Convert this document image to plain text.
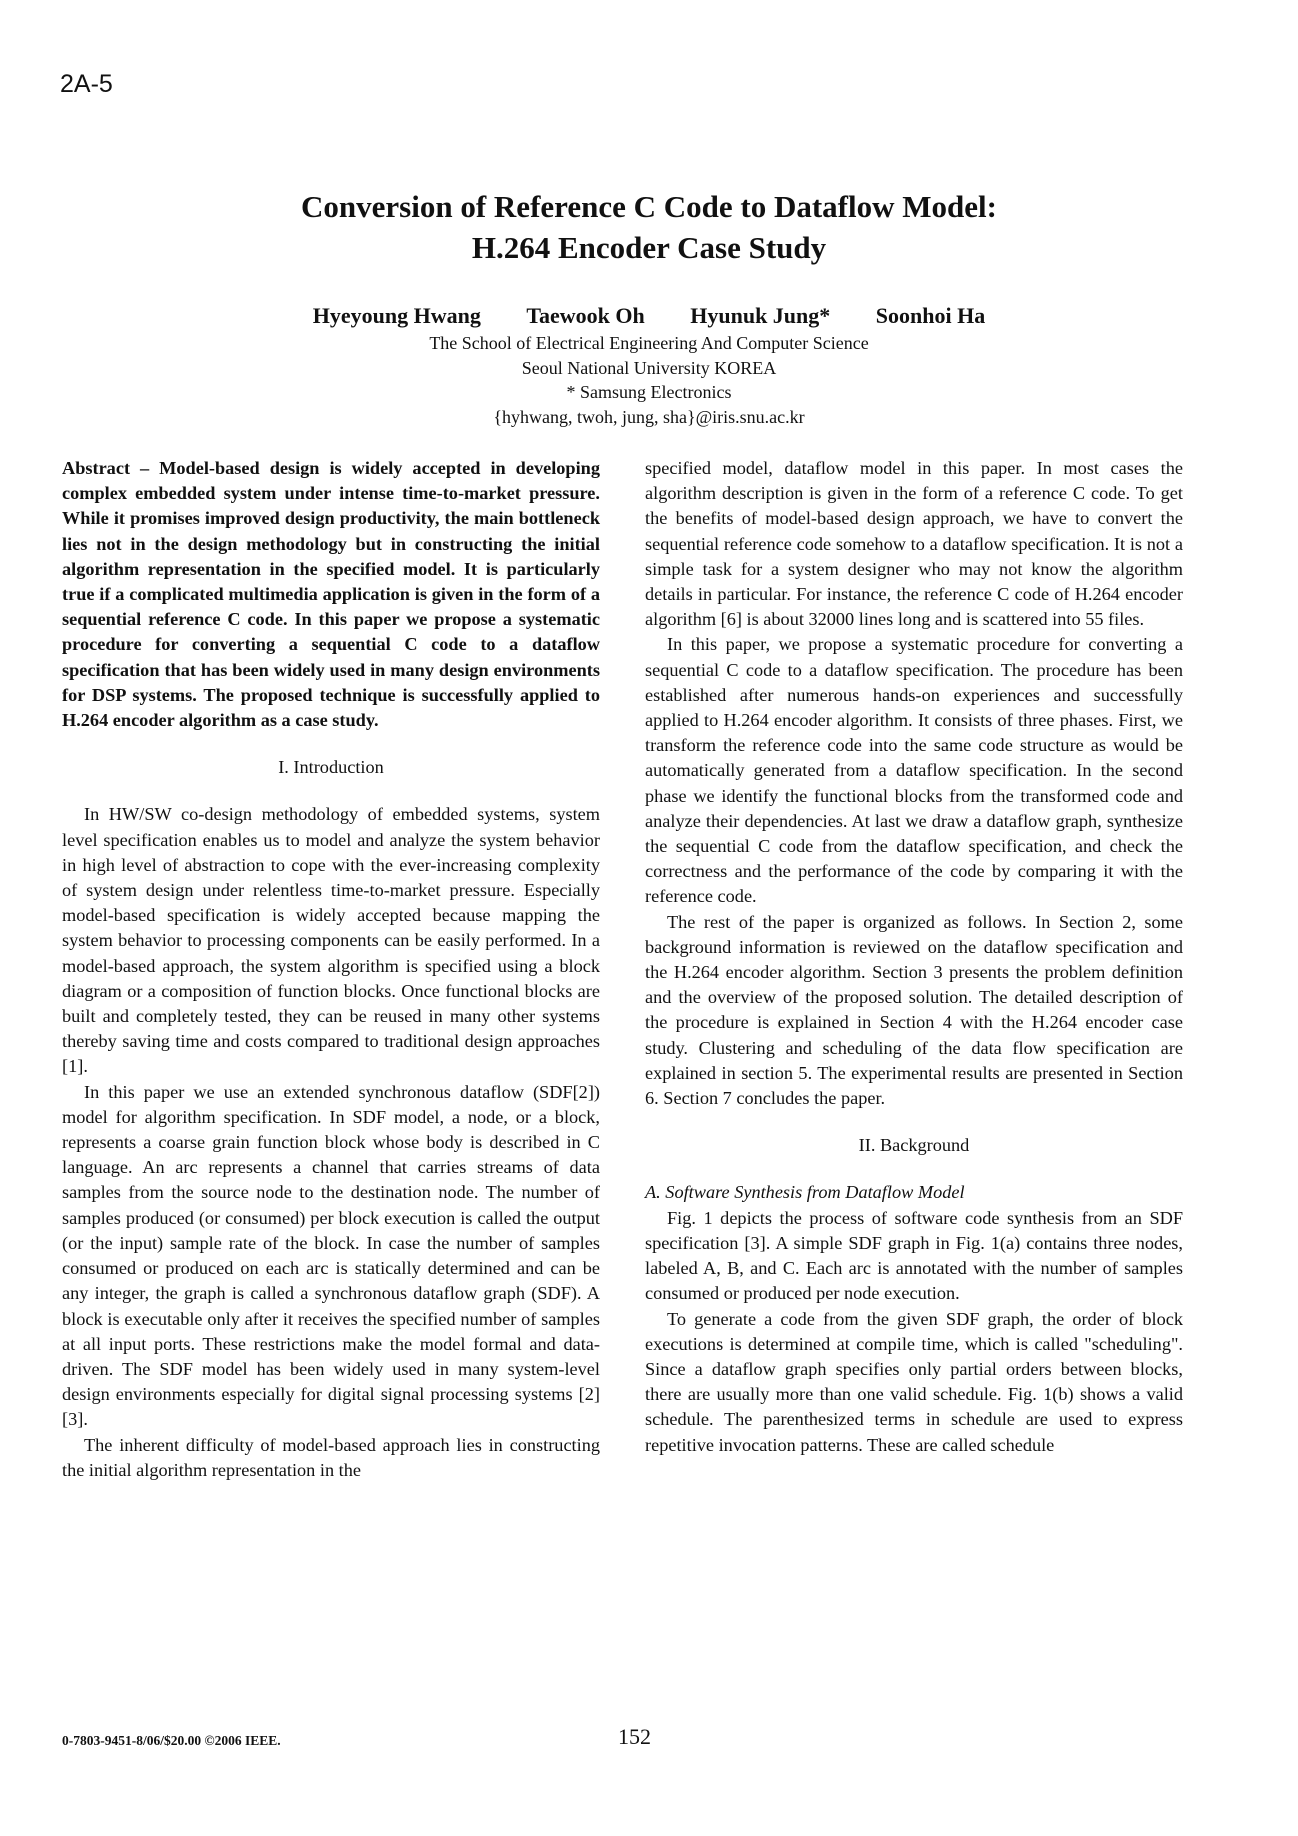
2A-5
Conversion of Reference C Code to Dataflow Model:
H.264 Encoder Case Study
Hyeyoung Hwang Taewook Oh Hyunuk Jung* Soonhoi Ha
The School of Electrical Engineering And Computer Science
Seoul National University KOREA
* Samsung Electronics
{hyhwang, twoh, jung, sha}@iris.snu.ac.kr

Abstract – Model-based design is widely accepted in developing complex embedded system under intense time-to-market pressure. While it promises improved design productivity, the main bottleneck lies not in the design methodology but in constructing the initial algorithm representation in the specified model. It is particularly true if a complicated multimedia application is given in the form of a sequential reference C code. In this paper we propose a systematic procedure for converting a sequential C code to a dataflow specification that has been widely used in many design environments for DSP systems. The proposed technique is successfully applied to H.264 encoder algorithm as a case study.

I. Introduction

In HW/SW co-design methodology of embedded systems, system level specification enables us to model and analyze the system behavior in high level of abstraction to cope with the ever-increasing complexity of system design under relentless time-to-market pressure. Especially model-based specification is widely accepted because mapping the system behavior to processing components can be easily performed. In a model-based approach, the system algorithm is specified using a block diagram or a composition of function blocks. Once functional blocks are built and completely tested, they can be reused in many other systems thereby saving time and costs compared to traditional design approaches [1].

In this paper we use an extended synchronous dataflow (SDF[2]) model for algorithm specification. In SDF model, a node, or a block, represents a coarse grain function block whose body is described in C language. An arc represents a channel that carries streams of data samples from the source node to the destination node. The number of samples produced (or consumed) per block execution is called the output (or the input) sample rate of the block. In case the number of samples consumed or produced on each arc is statically determined and can be any integer, the graph is called a synchronous dataflow graph (SDF). A block is executable only after it receives the specified number of samples at all input ports. These restrictions make the model formal and data-driven. The SDF model has been widely used in many system-level design environments especially for digital signal processing systems [2][3].

The inherent difficulty of model-based approach lies in constructing the initial algorithm representation in the

specified model, dataflow model in this paper. In most cases the algorithm description is given in the form of a reference C code. To get the benefits of model-based design approach, we have to convert the sequential reference code somehow to a dataflow specification. It is not a simple task for a system designer who may not know the algorithm details in particular. For instance, the reference C code of H.264 encoder algorithm [6] is about 32000 lines long and is scattered into 55 files.

In this paper, we propose a systematic procedure for converting a sequential C code to a dataflow specification. The procedure has been established after numerous hands-on experiences and successfully applied to H.264 encoder algorithm. It consists of three phases. First, we transform the reference code into the same code structure as would be automatically generated from a dataflow specification. In the second phase we identify the functional blocks from the transformed code and analyze their dependencies. At last we draw a dataflow graph, synthesize the sequential C code from the dataflow specification, and check the correctness and the performance of the code by comparing it with the reference code.

The rest of the paper is organized as follows. In Section 2, some background information is reviewed on the dataflow specification and the H.264 encoder algorithm. Section 3 presents the problem definition and the overview of the proposed solution. The detailed description of the procedure is explained in Section 4 with the H.264 encoder case study. Clustering and scheduling of the data flow specification are explained in section 5. The experimental results are presented in Section 6. Section 7 concludes the paper.

II. Background

A. Software Synthesis from Dataflow Model

Fig. 1 depicts the process of software code synthesis from an SDF specification [3]. A simple SDF graph in Fig. 1(a) contains three nodes, labeled A, B, and C. Each arc is annotated with the number of samples consumed or produced per node execution.

To generate a code from the given SDF graph, the order of block executions is determined at compile time, which is called "scheduling". Since a dataflow graph specifies only partial orders between blocks, there are usually more than one valid schedule. Fig. 1(b) shows a valid schedule. The parenthesized terms in schedule are used to express repetitive invocation patterns. These are called schedule

0-7803-9451-8/06/$20.00 ©2006 IEEE.	152
